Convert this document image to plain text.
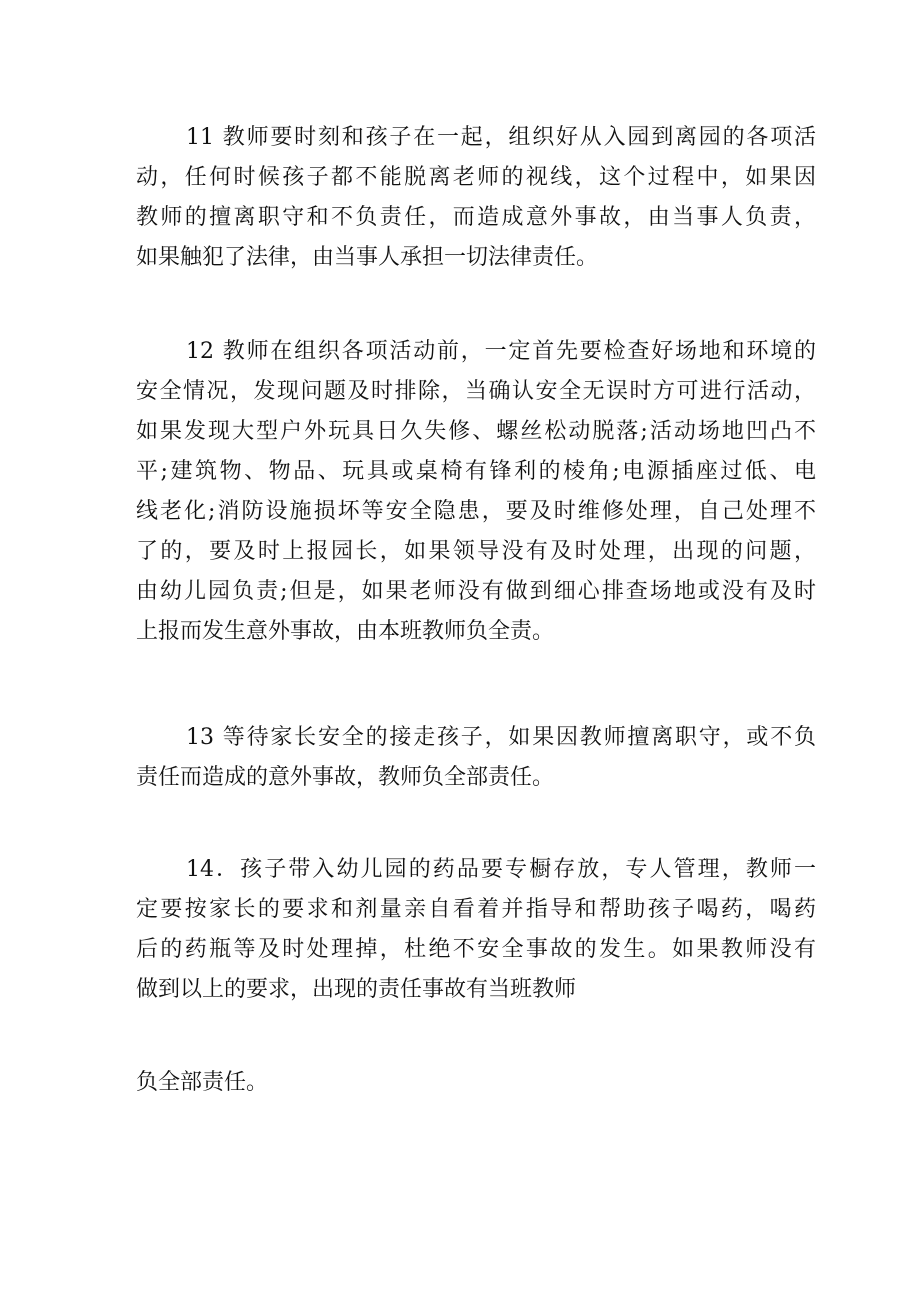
11 教师要时刻和孩子在一起，组织好从入园到离园的各项活
动，任何时候孩子都不能脱离老师的视线，这个过程中，如果因
教师的擅离职守和不负责任，而造成意外事故，由当事人负责，
如果触犯了法律，由当事人承担一切法律责任。
12 教师在组织各项活动前，一定首先要检查好场地和环境的
安全情况，发现问题及时排除，当确认安全无误时方可进行活动，
如果发现大型户外玩具日久失修、螺丝松动脱落;活动场地凹凸不
平;建筑物、物品、玩具或桌椅有锋利的棱角;电源插座过低、电
线老化;消防设施损坏等安全隐患，要及时维修处理，自己处理不
了的，要及时上报园长，如果领导没有及时处理，出现的问题，
由幼儿园负责;但是，如果老师没有做到细心排查场地或没有及时
上报而发生意外事故，由本班教师负全责。
13 等待家长安全的接走孩子，如果因教师擅离职守，或不负
责任而造成的意外事故，教师负全部责任。
14．孩子带入幼儿园的药品要专橱存放，专人管理，教师一
定要按家长的要求和剂量亲自看着并指导和帮助孩子喝药，喝药
后的药瓶等及时处理掉，杜绝不安全事故的发生。如果教师没有
做到以上的要求，出现的责任事故有当班教师
负全部责任。
